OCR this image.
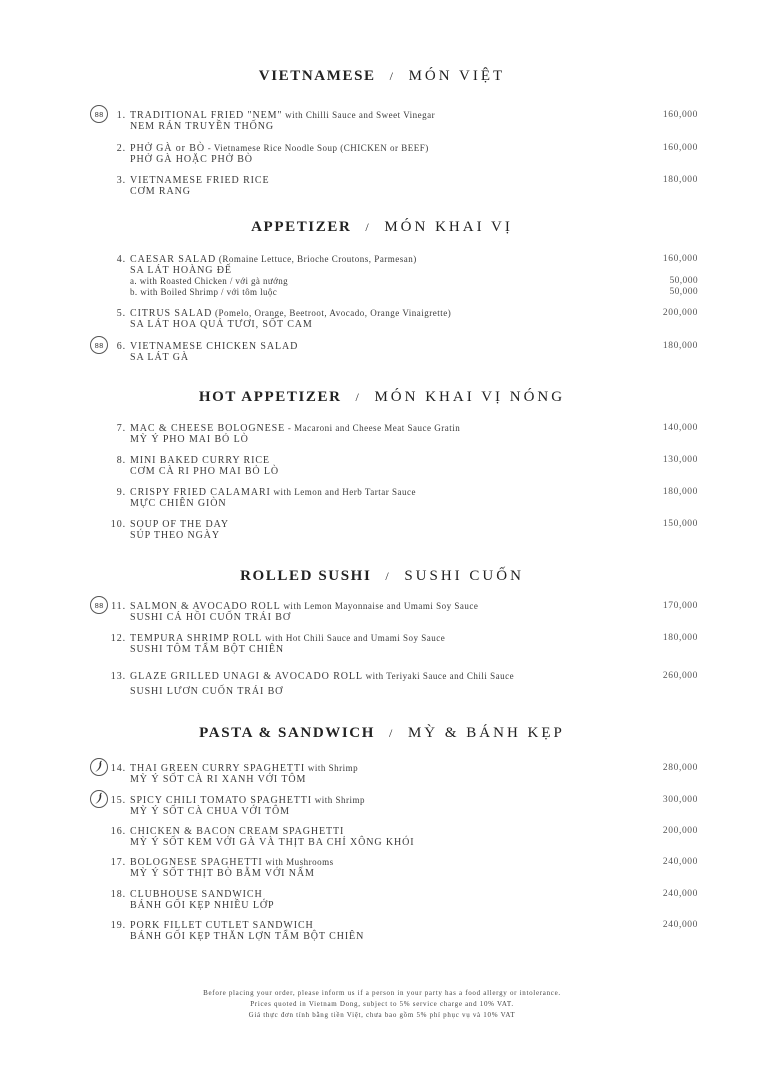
VIETNAMESE / MÓN VIỆT
88	1. TRADITIONAL FRIED "NEM" with Chilli Sauce and Sweet Vinegar
NEM RÁN TRUYỀN THỐNG
160,000
2. PHỞ GÀ or BÒ - Vietnamese Rice Noodle Soup (CHICKEN or BEEF)
PHỞ GÀ HOẶC PHỞ BÒ
160,000
3. VIETNAMESE FRIED RICE
CƠM RANG
180,000
APPETIZER / MÓN KHAI VỊ
4. CAESAR SALAD (Romaine Lettuce, Brioche Croutons, Parmesan)
SA LÁT HOÀNG ĐẾ
160,000
a. with Roasted Chicken / với gà nướng	50,000
b. with Boiled Shrimp / với tôm luộc	50,000
5. CITRUS SALAD (Pomelo, Orange, Beetroot, Avocado, Orange Vinaigrette)
SA LÁT HOA QUẢ TƯƠI, SỐT CAM
200,000
88	6. VIETNAMESE CHICKEN SALAD
SA LÁT GÀ
180,000
HOT APPETIZER / MÓN KHAI VỊ NÓNG
7. MAC & CHEESE BOLOGNESE - Macaroni and Cheese Meat Sauce Gratin
MỲ Ý PHO MAI BỎ LÒ
140,000
8. MINI BAKED CURRY RICE
CƠM CÀ RI PHO MAI BỎ LÒ
130,000
9. CRISPY FRIED CALAMARI with Lemon and Herb Tartar Sauce
MỰC CHIÊN GIÒN
180,000
10. SOUP OF THE DAY
SÚP THEO NGÀY
150,000
ROLLED SUSHI / SUSHI CUỐN
88 11. SALMON & AVOCADO ROLL with Lemon Mayonnaise and Umami Soy Sauce
SUSHI CÁ HỒI CUỐN TRÁI BƠ
170,000
12. TEMPURA SHRIMP ROLL with Hot Chili Sauce and Umami Soy Sauce
SUSHI TÔM TẨM BỘT CHIÊN
180,000
13. GLAZE GRILLED UNAGI & AVOCADO ROLL with Teriyaki Sauce and Chili Sauce
SUSHI LƯƠN CUỐN TRÁI BƠ
260,000
PASTA & SANDWICH / MỲ & BÁNH KẸP
14. THAI GREEN CURRY SPAGHETTI with Shrimp
MỲ Ý SỐT CÀ RI XANH VỚI TÔM
280,000
15. SPICY CHILI TOMATO SPAGHETTI with Shrimp
MỲ Ý SỐT CÀ CHUA VỚI TÔM
300,000
16. CHICKEN & BACON CREAM SPAGHETTI
MỲ Ý SỐT KEM VỚI GÀ VÀ THỊT BA CHỈ XÔNG KHÓI
200,000
17. BOLOGNESE SPAGHETTI with Mushrooms
MỲ Ý SỐT THỊT BÒ BẰM VỚI NẤM
240,000
18. CLUBHOUSE SANDWICH
BÁNH GỐI KẸP NHIỀU LỚP
240,000
19. PORK FILLET CUTLET SANDWICH
BÁNH GỐI KẸP THĂN LỢN TẨM BỘT CHIÊN
240,000
Before placing your order, please inform us if a person in your party has a food allergy or intolerance.
Prices quoted in Vietnam Dong, subject to 5% service charge and 10% VAT.
Giá thực đơn tính bằng tiền Việt, chưa bao gồm 5% phí phục vụ và 10% VAT
